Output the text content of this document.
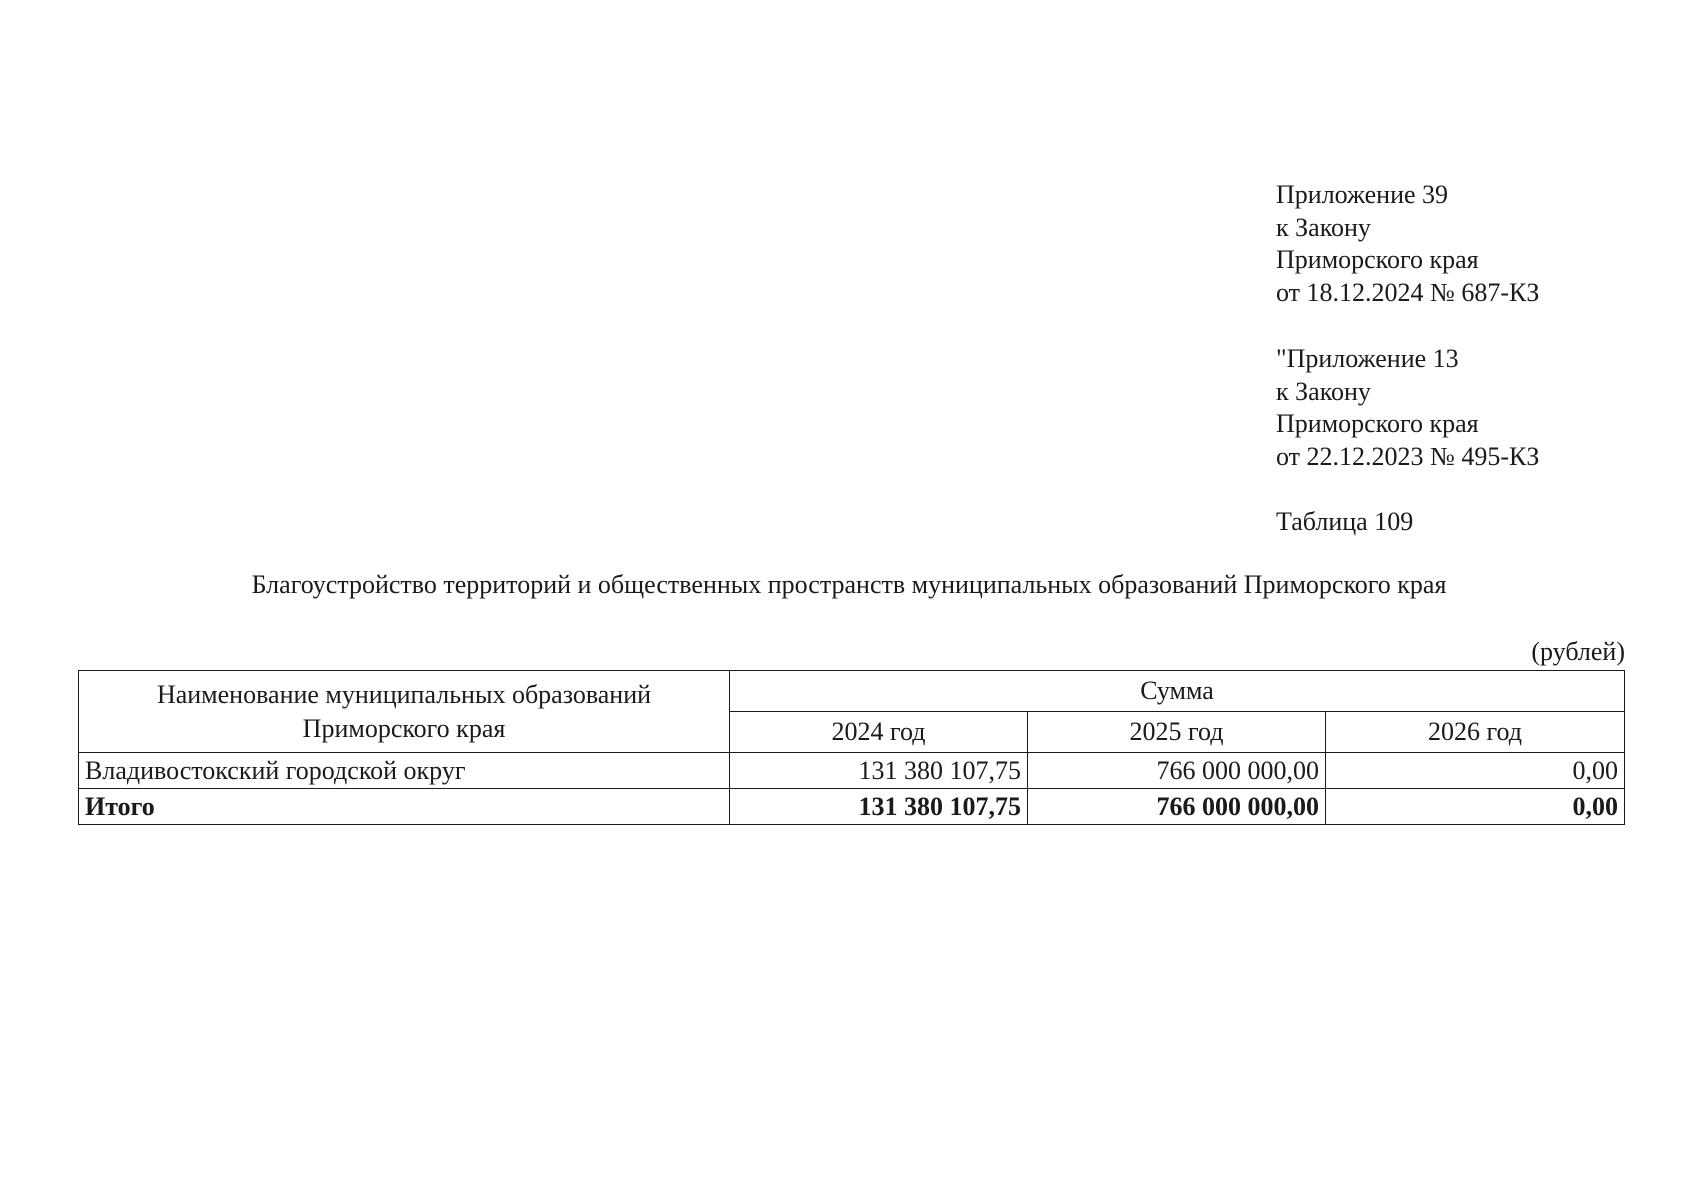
Приложение 39

к Закону

Приморского края

от 18.12.2024 № 687-КЗ

"Приложение 13

к Закону

Приморского края

от 22.12.2023 № 495-КЗ

Таблица 109
Благоустройство территорий и общественных пространств муниципальных образований Приморского края
(рублей)
Наименование муниципальных образований
Приморского края	Сумма		
	2024 год	2025 год	2026 год
Владивостокский городской округ	131 380 107,75	766 000 000,00	0,00
Итого	131 380 107,75	766 000 000,00	0,00
